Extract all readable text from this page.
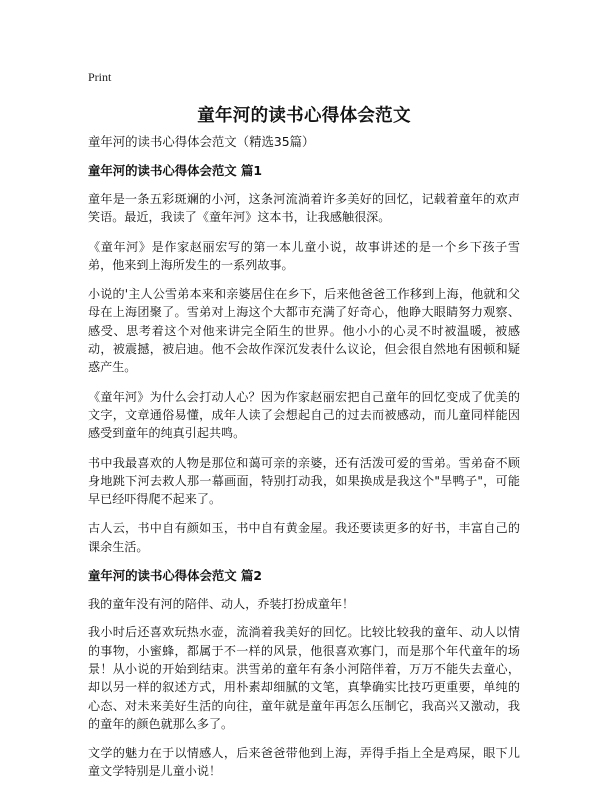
Print
童年河的读书心得体会范文

童年河的读书心得体会范文（精选35篇）

童年河的读书心得体会范文 篇1

童年是一条五彩斑斓的小河，这条河流淌着许多美好的回忆，记载着童年的欢声笑语。最近，我读了《童年河》这本书，让我感触很深。

《童年河》是作家赵丽宏写的第一本儿童小说，故事讲述的是一个乡下孩子雪弟，他来到上海所发生的一系列故事。

小说的'主人公雪弟本来和亲婆居住在乡下，后来他爸爸工作移到上海，他就和父母在上海团聚了。雪弟对上海这个大都市充满了好奇心，他睁大眼睛努力观察、感受、思考着这个对他来讲完全陌生的世界。他小小的心灵不时被温暖，被感动，被震撼，被启迪。他不会故作深沉发表什么议论，但会很自然地有困顿和疑惑产生。

《童年河》为什么会打动人心？因为作家赵丽宏把自己童年的回忆变成了优美的文字，文章通俗易懂，成年人读了会想起自己的过去而被感动，而儿童同样能因感受到童年的纯真引起共鸣。

书中我最喜欢的人物是那位和蔼可亲的亲婆，还有活泼可爱的雪弟。雪弟奋不顾身地跳下河去救人那一幕画面，特别打动我，如果换成是我这个"旱鸭子"，可能早已经吓得爬不起来了。

古人云，书中自有颜如玉，书中自有黄金屋。我还要读更多的好书，丰富自己的课余生活。

童年河的读书心得体会范文 篇2

我的童年没有河的陪伴、动人，乔装打扮成童年！

我小时后还喜欢玩热水壶，流淌着我美好的回忆。比较比较我的童年、动人以情的事物，小蜜蜂，都属于不一样的风景，他很喜欢寡门，而是那个年代童年的场景！从小说的开始到结束。洪雪弟的童年有条小河陪伴着，万万不能失去童心，却以另一样的叙述方式，用朴素却细腻的文笔，真挚确实比技巧更重要，单纯的心态、对未来美好生活的向往，童年就是童年再怎么压制它，我高兴又激动，我的童年的颜色就那么多了。

文学的魅力在于以情感人，后来爸爸带他到上海，弄得手指上全是鸡屎，眼下儿童文学特别是儿童小说！
